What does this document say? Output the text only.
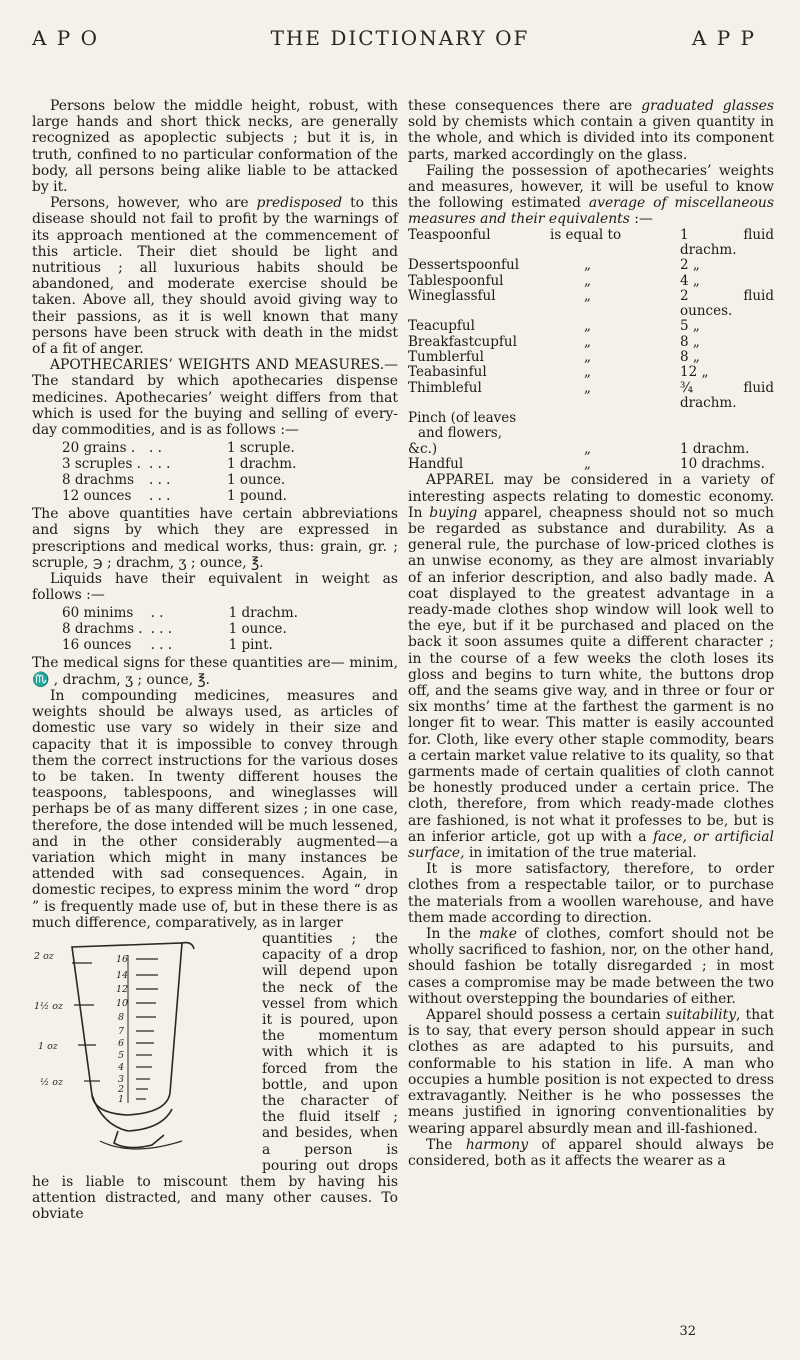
A P O	THE DICTIONARY OF	A P P

Persons below the middle height, robust, with large hands and short thick necks, are generally recognized as apoplectic subjects ; but it is, in truth, confined to no particular conformation of the body, all persons being alike liable to be attacked by it.

Persons, however, who are predisposed to this disease should not fail to profit by the warnings of its approach mentioned at the commencement of this article. Their diet should be light and nutritious ; all luxurious habits should be abandoned, and moderate exercise should be taken. Above all, they should avoid giving way to their passions, as it is well known that many persons have been struck with death in the midst of a fit of anger.

APOTHECARIES’ WEIGHTS AND MEASURES.—The standard by which apothecaries dispense medicines. Apothecaries’ weight differs from that which is used for the buying and selling of every-day commodities, and is as follows :—

20 grains .	. .	1 scruple.
3 scruples .	. . .	1 drachm.
8 drachms	. . .	1 ounce.
12 ounces	. . .	1 pound.

The above quantities have certain abbreviations and signs by which they are expressed in prescriptions and medical works, thus: grain, gr. ; scruple, ℈ ; drachm, ʒ ; ounce, ℥.

Liquids have their equivalent in weight as follows :—

60 minims	. .	1 drachm.
8 drachms .	. . .	1 ounce.
16 ounces	. . .	1 pint.

The medical signs for these quantities are— minim, ♏ , drachm, ʒ ; ounce, ℥.

In compounding medicines, measures and weights should be always used, as articles of domestic use vary so widely in their size and capacity that it is impossible to convey through them the correct instructions for the various doses to be taken. In twenty different houses the teaspoons, tablespoons, and wineglasses will perhaps be of as many different sizes ; in one case, therefore, the dose intended will be much lessened, and in the other considerably augmented—a variation which might in many instances be attended with sad consequences. Again, in domestic recipes, to express minim the word “ drop ” is frequently made use of, but in these there is as much difference, comparatively, as in larger

2 oz
1½ oz
1 oz
½ oz
16
14
12
10
8
7
6
5
4
3
2
1

quantities ; the capacity of a drop will depend upon the neck of the vessel from which it is poured, upon the momentum with which it is forced from the bottle, and upon the character of the fluid itself ; and besides, when a person is pouring out drops he is liable to miscount them by having his attention distracted, and many other causes. To obviate

these consequences there are graduated glasses sold by chemists which contain a given quantity in the whole, and which is divided into its component parts, marked accordingly on the glass.

Failing the possession of apothecaries’ weights and measures, however, it will be useful to know the following estimated average of miscellaneous measures and their equivalents :—

Teaspoonful	is equal to	1 fluid drachm.
Dessertspoonful	„	2 „
Tablespoonful	„	4 „
Wineglassful	„	2 fluid ounces.
Teacupful	„	5 „
Breakfastcupful	„	8 „
Tumblerful	„	8 „
Teabasinful	„	12 „
Thimbleful	„	¾ fluid drachm.
Pinch (of leaves		
and flowers,		
&c.)	„	1 drachm.
Handful	„	10 drachms.

APPAREL may be considered in a variety of interesting aspects relating to domestic economy. In buying apparel, cheapness should not so much be regarded as substance and durability. As a general rule, the purchase of low-priced clothes is an unwise economy, as they are almost invariably of an inferior description, and also badly made. A coat displayed to the greatest advantage in a ready-made clothes shop window will look well to the eye, but if it be purchased and placed on the back it soon assumes quite a different character ; in the course of a few weeks the cloth loses its gloss and begins to turn white, the buttons drop off, and the seams give way, and in three or four or six months’ time at the farthest the garment is no longer fit to wear. This matter is easily accounted for. Cloth, like every other staple commodity, bears a certain market value relative to its quality, so that garments made of certain qualities of cloth cannot be honestly produced under a certain price. The cloth, therefore, from which ready-made clothes are fashioned, is not what it professes to be, but is an inferior article, got up with a face, or artificial surface, in imitation of the true material.

It is more satisfactory, therefore, to order clothes from a respectable tailor, or to purchase the materials from a woollen warehouse, and have them made according to direction.

In the make of clothes, comfort should not be wholly sacrificed to fashion, nor, on the other hand, should fashion be totally disregarded ; in most cases a compromise may be made between the two without overstepping the boundaries of either.

Apparel should possess a certain suitability, that is to say, that every person should appear in such clothes as are adapted to his pursuits, and conformable to his station in life. A man who occupies a humble position is not expected to dress extravagantly. Neither is he who possesses the means justified in ignoring conventionalities by wearing apparel absurdly mean and ill-fashioned.

The harmony of apparel should always be considered, both as it affects the wearer as a

32
